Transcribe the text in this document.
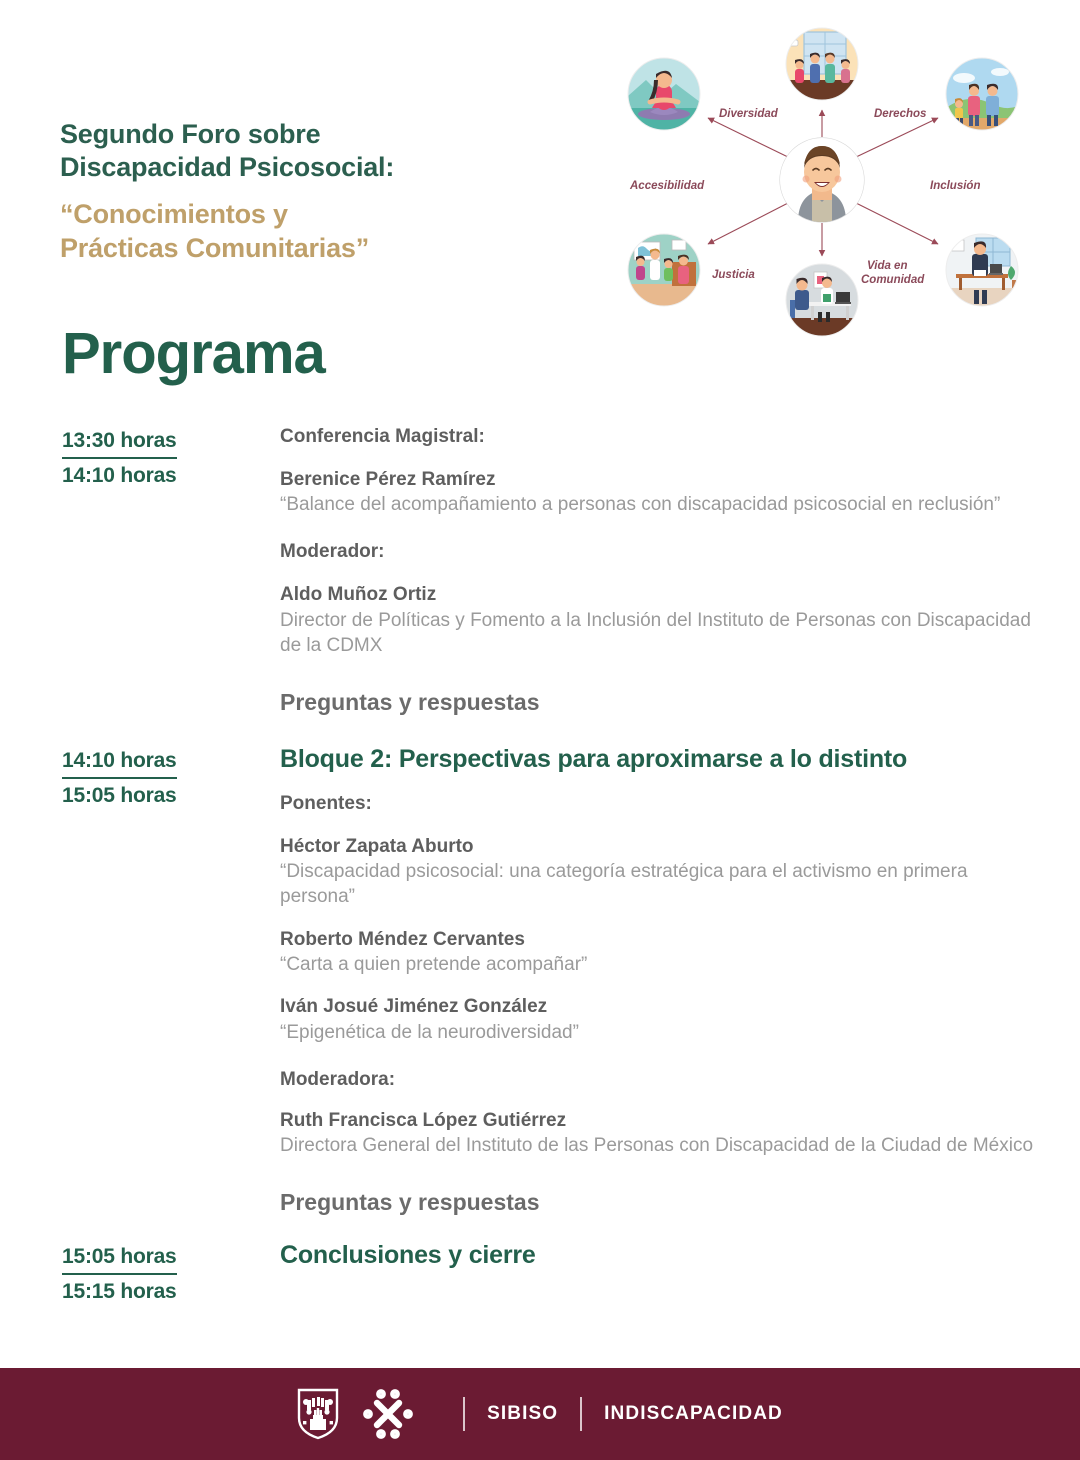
Segundo Foro sobre
Discapacidad Psicosocial:
“Conocimientos y
Prácticas Comunitarias”
Programa
Diversidad	Derechos
Accesibilidad	Inclusión
Justicia
Vida en
Comunidad
13:30 horas
14:10 horas
Conferencia Magistral:
Berenice Pérez Ramírez
“Balance del acompañamiento a personas con discapacidad psicosocial en reclusión”
Moderador:
Aldo Muñoz Ortiz
Director de Políticas y Fomento a la Inclusión del Instituto de Personas con Discapacidad de la CDMX
Preguntas y respuestas
14:10 horas
15:05 horas
Bloque 2: Perspectivas para aproximarse a lo distinto
Ponentes:
Héctor Zapata Aburto
“Discapacidad psicosocial: una categoría estratégica para el activismo en primera persona”
Roberto Méndez Cervantes
“Carta a quien pretende acompañar”
Iván Josué Jiménez González
“Epigenética de la neurodiversidad”
Moderadora:
Ruth Francisca López Gutiérrez
Directora General del Instituto de las Personas con Discapacidad de la Ciudad de México
Preguntas y respuestas
15:05 horas
15:15 horas
Conclusiones y cierre
SIBISO INDISCAPACIDAD
